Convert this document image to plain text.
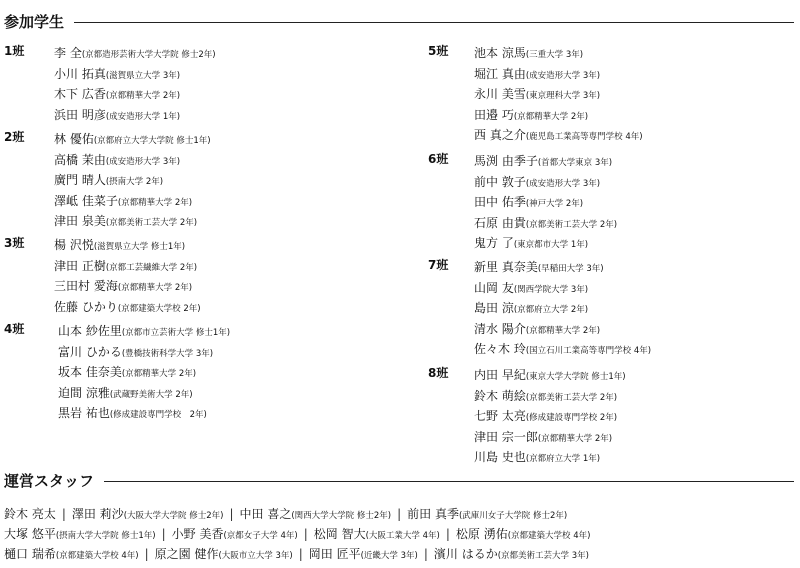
参加学生
1班 李 全(京都造形芸術大学大学院 修士2年)
小川 拓真(滋賀県立大学 3年)
木下 広香(京都精華大学 2年)
浜田 明彦(成安造形大学 1年)
2班 林 優佑(京都府立大学大学院 修士1年)
高橋 茉由(成安造形大学 3年)
廣門 晴人(摂南大学 2年)
澤岻 佳菜子(京都精華大学 2年)
津田 泉美(京都美術工芸大学 2年)
3班 楊 沢悦(滋賀県立大学 修士1年)
津田 正樹(京都工芸繊維大学 2年)
三田村 愛海(京都精華大学 2年)
佐藤 ひかり(京都建築大学校 2年)
4班	山本 紗佐里(京都市立芸術大学 修士1年)
富川 ひかる(豊橋技術科学大学 3年)
坂本 佳奈美(京都精華大学 2年)
迫間 涼雅(武蔵野美術大学 2年)
黒岩 祐也(修成建設専門学校　2年)
5班 池本 涼馬(三重大学 3年)
堀江 真由(成安造形大学 3年)
永川 美雪(東京理科大学 3年)
田邉 巧(京都精華大学 2年)
西 真之介(鹿児島工業高等専門学校 4年)
6班 馬渕 由季子(首都大学東京 3年)
前中 敦子(成安造形大学 3年)
田中 佑季(神戸大学 2年)
石原 由貴(京都美術工芸大学 2年)
鬼方 了(東京都市大学 1年)
7班 新里 真奈美(早稲田大学 3年)
山岡 友(関西学院大学 3年)
島田 涼(京都府立大学 2年)
清水 陽介(京都精華大学 2年)
佐々木 玲(国立石川工業高等専門学校 4年)
8班 内田 早紀(東京大学大学院 修士1年)
鈴木 萌絵(京都美術工芸大学 2年)
七野 太亮(修成建設専門学校 2年)
津田 宗一郎(京都精華大学 2年)
川島 史也(京都府立大学 1年)
運営スタッフ
鈴木 亮太 | 澤田 莉沙(大阪大学大学院 修士2年) | 中田 喜之(関西大学大学院 修士2年) | 前田 真季(武庫川女子大学院 修士2年)
大塚 悠平(摂南大学大学院 修士1年) | 小野 美香(京都女子大学 4年) | 松岡 智大(大阪工業大学 4年) | 松原 湧佑(京都建築大学校 4年)
樋口 瑞希(京都建築大学校 4年) | 原之園 健作(大阪市立大学 3年) | 岡田 匠平(近畿大学 3年) | 濱川 はるか(京都美術工芸大学 3年)
